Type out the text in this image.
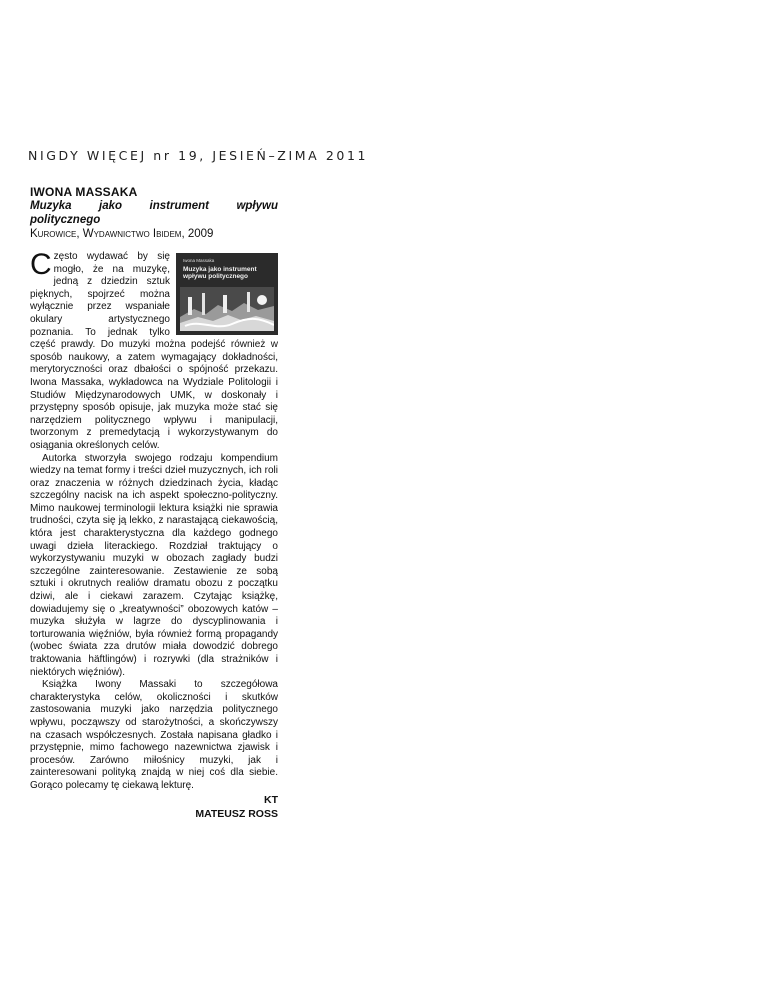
NIGDY WIĘCEJ nr 19, JESIEŃ–ZIMA 2011
IWONA MASSAKA
Muzyka jako instrument wpływu politycznego
Kurowice, Wydawnictwo Ibidem, 2009
Iwona Massaka
Muzyka jako instrument wpływu politycznego

Często wydawać by się mogło, że na muzykę, jedną z dziedzin sztuk pięknych, spojrzeć można wyłącznie przez wspaniałe okulary artystycznego poznania. To jednak tylko część prawdy. Do muzyki można podejść również w sposób naukowy, a zatem wymagający dokładności, merytoryczności oraz dbałości o spójność przekazu. Iwona Massaka, wykładowca na Wydziale Politologii i Studiów Międzynarodowych UMK, w doskonały i przystępny sposób opisuje, jak muzyka może stać się narzędziem politycznego wpływu i manipulacji, tworzonym z premedytacją i wykorzystywanym do osiągania określonych celów.

Autorka stworzyła swojego rodzaju kompendium wiedzy na temat formy i treści dzieł muzycznych, ich roli oraz znaczenia w różnych dziedzinach życia, kładąc szczególny nacisk na ich aspekt społeczno-polityczny. Mimo naukowej terminologii lektura książki nie sprawia trudności, czyta się ją lekko, z narastającą ciekawością, która jest charakterystyczna dla każdego godnego uwagi dzieła literackiego. Rozdział traktujący o wykorzystywaniu muzyki w obozach zagłady budzi szczególne zainteresowanie. Zestawienie ze sobą sztuki i okrutnych realiów dramatu obozu z początku dziwi, ale i ciekawi zarazem. Czytając książkę, dowiadujemy się o „kreatywności” obozowych katów – muzyka służyła w lagrze do dyscyplinowania i torturowania więźniów, była również formą propagandy (wobec świata zza drutów miała dowodzić dobrego traktowania häftlingów) i rozrywki (dla strażników i niektórych więźniów).

Książka Iwony Massaki to szczegółowa charakterystyka celów, okoliczności i skutków zastosowania muzyki jako narzędzia politycznego wpływu, począwszy od starożytności, a skończywszy na czasach współczesnych. Została napisana gładko i przystępnie, mimo fachowego nazewnictwa zjawisk i procesów. Zarówno miłośnicy muzyki, jak i zainteresowani polityką znajdą w niej coś dla siebie. Gorąco polecamy tę ciekawą lekturę.

KT
MATEUSZ ROSS
